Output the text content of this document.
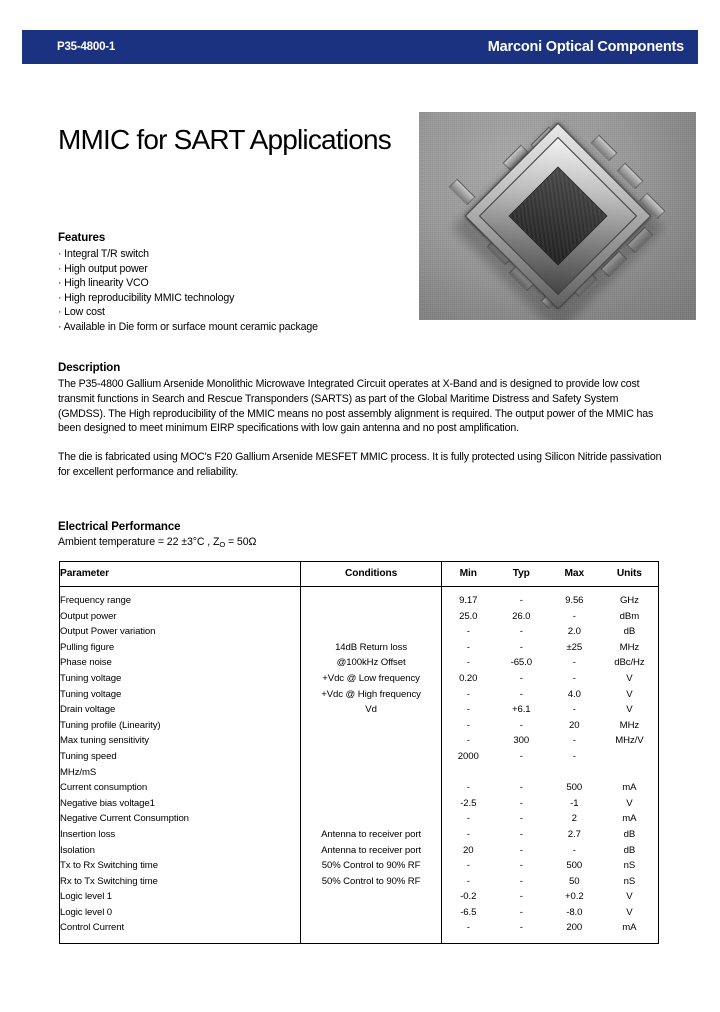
P35-4800-1	Marconi Optical Components
MMIC for SART Applications
Features
· Integral T/R switch
· High output power
· High linearity VCO
· High reproducibility MMIC technology
· Low cost
· Available in Die form or surface mount ceramic package
Description

The P35-4800 Gallium Arsenide Monolithic Microwave Integrated Circuit operates at X-Band and is designed to provide low cost transmit functions in Search and Rescue Transponders (SARTS) as part of the Global Maritime Distress and Safety System (GMDSS). The High reproducibility of the MMIC means no post assembly alignment is required. The output power of the MMIC has been designed to meet minimum EIRP specifications with low gain antenna and no post amplification.

The die is fabricated using MOC's F20 Gallium Arsenide MESFET MMIC process. It is fully protected using Silicon Nitride passivation for excellent performance and reliability.

Electrical Performance
Ambient temperature = 22 ±3°C , $Z_O = 50\Omega$
Parameter	Conditions	Min	Typ	Max	Units
Frequency range		9.17	-	9.56	GHz
Output power		25.0	26.0	-	dBm
Output Power variation		-	-	2.0	dB
Pulling figure	14dB Return loss	-	-	±25	MHz
Phase noise	@100kHz Offset	-	-65.0	-	dBc/Hz
Tuning voltage	+Vdc @ Low frequency	0.20	-	-	V
Tuning voltage	+Vdc @ High frequency	-	-	4.0	V
Drain voltage	Vd	-	+6.1	-	V
Tuning profile (Linearity)		-	-	20	MHz
Max tuning sensitivity		-	300	-	MHz/V
Tuning speed		2000	-	-	
MHz/mS					
Current consumption		-	-	500	mA
Negative bias voltage1		-2.5	-	-1	V
Negative Current Consumption		-	-	2	mA
Insertion loss	Antenna to receiver port	-	-	2.7	dB
Isolation	Antenna to receiver port	20	-	-	dB
Tx to Rx Switching time	50% Control to 90% RF	-	-	500	nS
Rx to Tx Switching time	50% Control to 90% RF	-	-	50	nS
Logic level 1		-0.2	-	+0.2	V
Logic level 0		-6.5	-	-8.0	V
Control Current		-	-	200	mA
